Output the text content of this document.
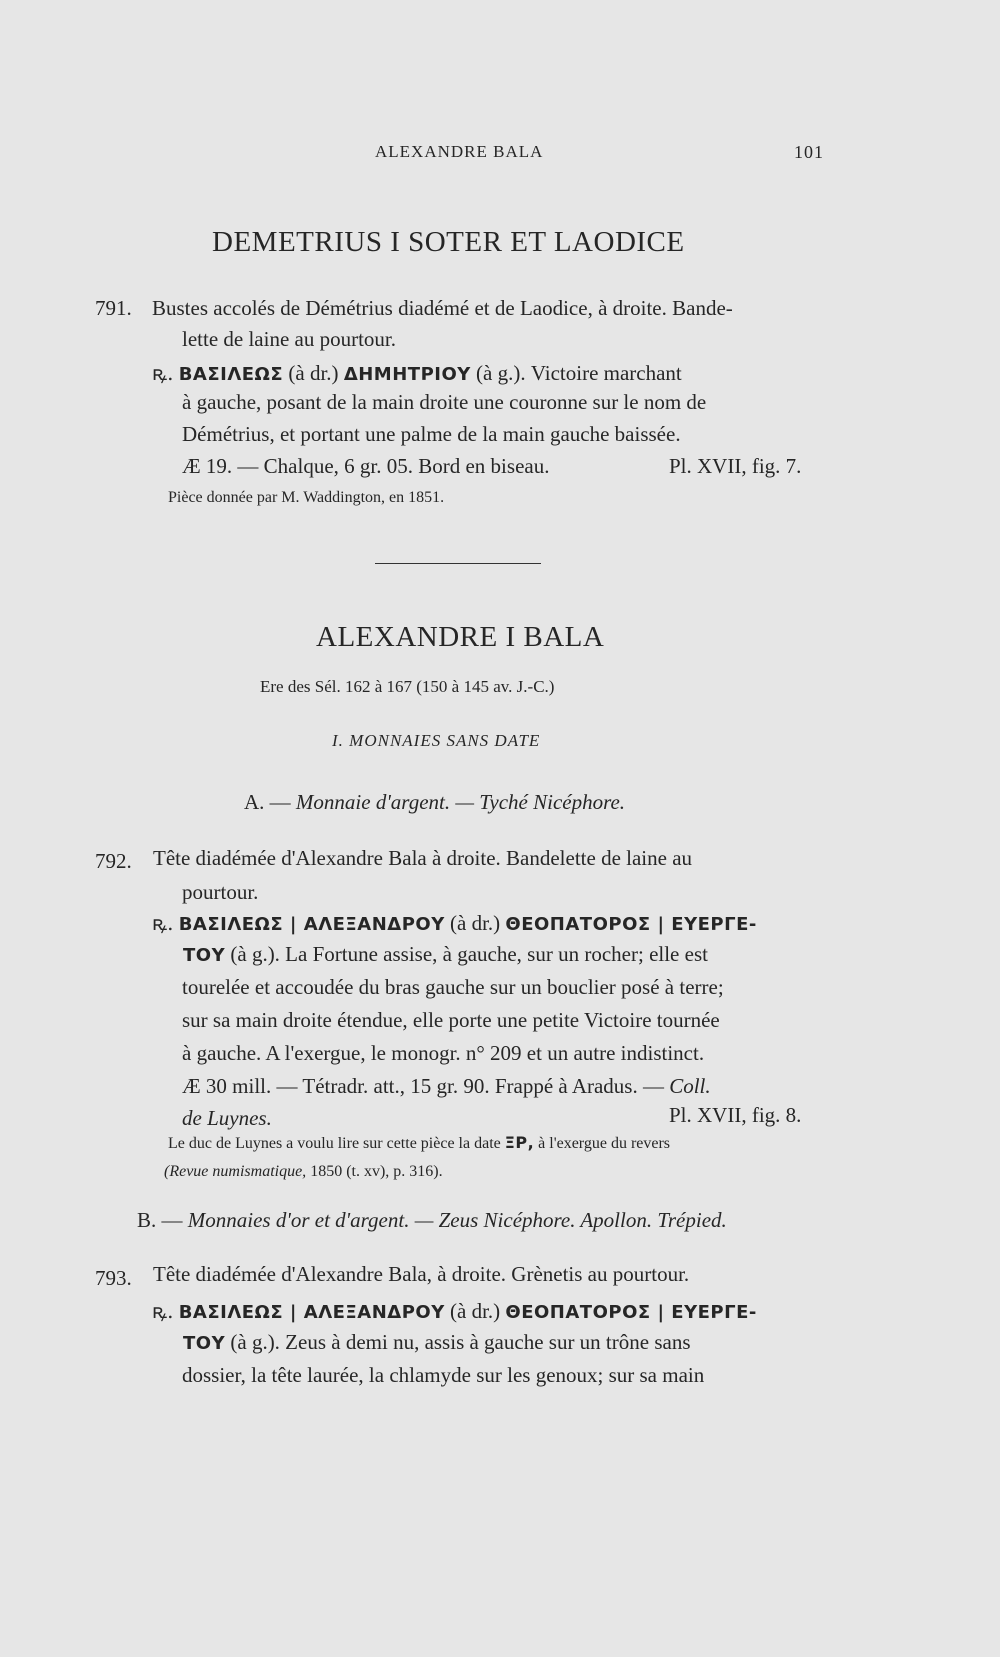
ALEXANDRE BALA	101
DEMETRIUS I SOTER ET LAODICE
791. Bustes accolés de Démétrius diadémé et de Laodice, à droite. Bande-
lette de laine au pourtour.
ꝶ. ΒΑΣΙΛΕΩΣ (à dr.) ΔΗΜΗΤΡΙΟΥ (à g.). Victoire marchant
à gauche, posant de la main droite une couronne sur le nom de
Démétrius, et portant une palme de la main gauche baissée.
Æ 19. — Chalque, 6 gr. 05. Bord en biseau.	Pl. XVII, fig. 7.
Pièce donnée par M. Waddington, en 1851.
ALEXANDRE I BALA
Ere des Sél. 162 à 167 (150 à 145 av. J.-C.)
I. MONNAIES SANS DATE
A. — Monnaie d'argent. — Tyché Nicéphore.
792. Tête diadémée d'Alexandre Bala à droite. Bandelette de laine au
pourtour.
ꝶ. ΒΑΣΙΛΕΩΣ | ΑΛΕΞΑΝΔΡΟΥ (à dr.) ΘΕΟΠΑΤΟΡΟΣ | ΕΥΕΡΓΕ-
ΤΟΥ (à g.). La Fortune assise, à gauche, sur un rocher; elle est
tourelée et accoudée du bras gauche sur un bouclier posé à terre;
sur sa main droite étendue, elle porte une petite Victoire tournée
à gauche. A l'exergue, le monogr. n° 209 et un autre indistinct.
Æ 30 mill. — Tétradr. att., 15 gr. 90. Frappé à Aradus. — Coll.
de Luynes.	Pl. XVII, fig. 8.
Le duc de Luynes a voulu lire sur cette pièce la date ΞΡ, à l'exergue du revers
(Revue numismatique, 1850 (t. xv), p. 316).
B. — Monnaies d'or et d'argent. — Zeus Nicéphore. Apollon. Trépied.
793. Tête diadémée d'Alexandre Bala, à droite. Grènetis au pourtour.
ꝶ. ΒΑΣΙΛΕΩΣ | ΑΛΕΞΑΝΔΡΟΥ (à dr.) ΘΕΟΠΑΤΟΡΟΣ | ΕΥΕΡΓΕ-
ΤΟΥ (à g.). Zeus à demi nu, assis à gauche sur un trône sans
dossier, la tête laurée, la chlamyde sur les genoux; sur sa main
